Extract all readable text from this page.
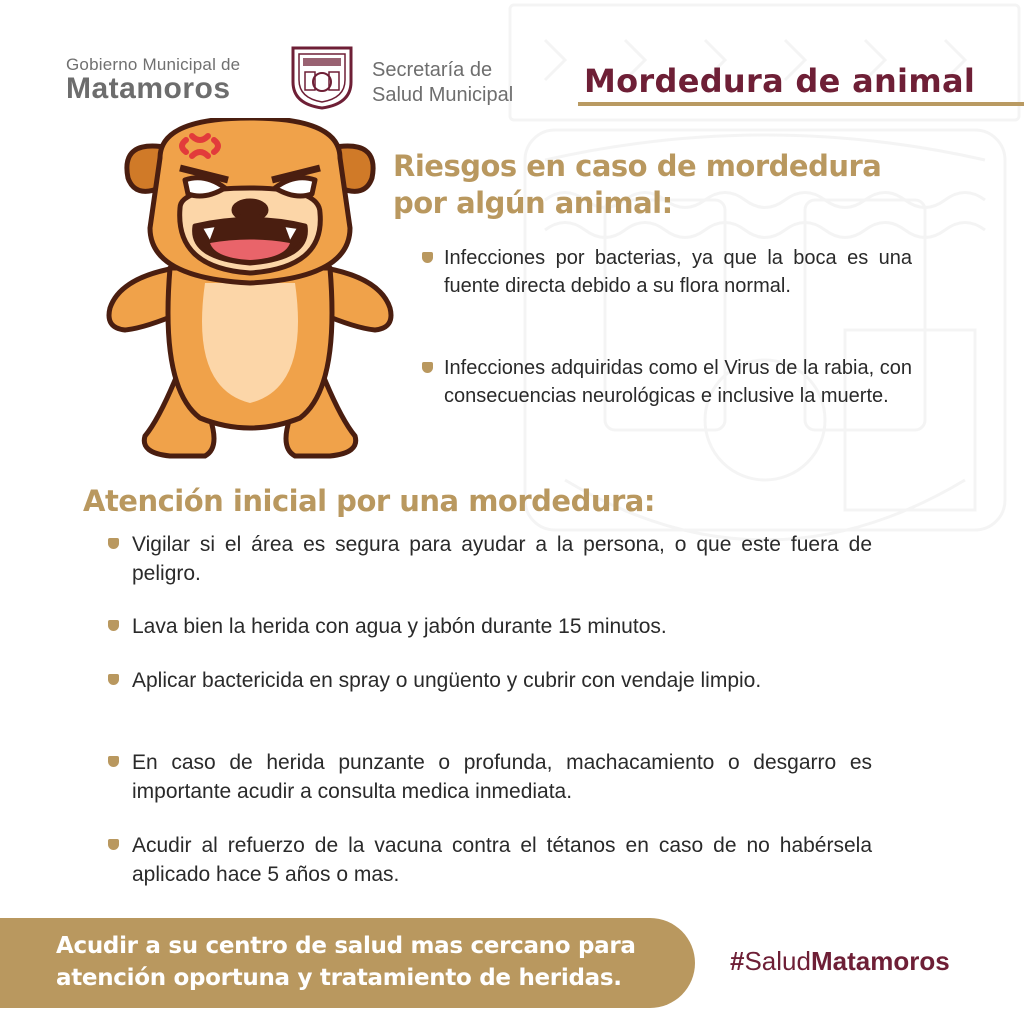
Gobierno Municipal de
Matamoros
Secretaría de
Salud Municipal Mordedura de animal
Riesgos en caso de mordedura por algún animal:
Infecciones por bacterias, ya que la boca es una fuente directa debido a su flora normal.
Infecciones adquiridas como el Virus de la rabia, con consecuencias neurológicas e inclusive la muerte.
Atención inicial por una mordedura:
Vigilar si el área es segura para ayudar a la persona, o que este fuera de peligro.
Lava bien la herida con agua y jabón durante 15 minutos.
Aplicar bactericida en spray o ungüento y cubrir con vendaje limpio.
En caso de herida punzante o profunda, machacamiento o desgarro es importante acudir a consulta medica inmediata.
Acudir al refuerzo de la vacuna contra el tétanos en caso de no habérsela aplicado hace 5 años o mas.
Acudir a su centro de salud mas cercano para atención oportuna y tratamiento de heridas.
#SaludMatamoros
